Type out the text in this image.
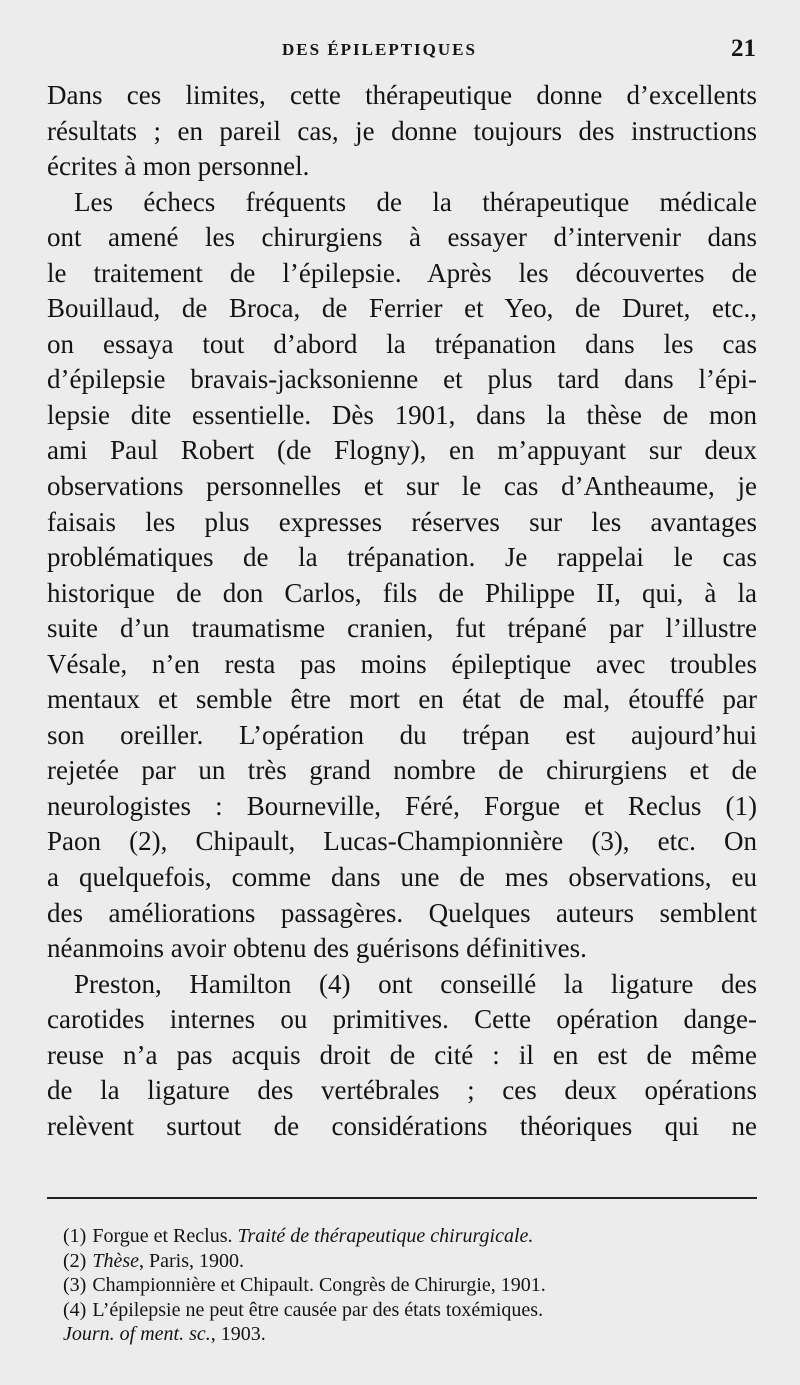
DES ÉPILEPTIQUES	21
Dans ces limites, cette thérapeutique donne d’excellents
résultats ; en pareil cas, je donne toujours des instructions
écrites à mon personnel.
Les échecs fréquents de la thérapeutique médicale
ont amené les chirurgiens à essayer d’intervenir dans
le traitement de l’épilepsie. Après les découvertes de
Bouillaud, de Broca, de Ferrier et Yeo, de Duret, etc.,
on essaya tout d’abord la trépanation dans les cas
d’épilepsie bravais-jacksonienne et plus tard dans l’épi-
lepsie dite essentielle. Dès 1901, dans la thèse de mon
ami Paul Robert (de Flogny), en m’appuyant sur deux
observations personnelles et sur le cas d’Antheaume, je
faisais les plus expresses réserves sur les avantages
problématiques de la trépanation. Je rappelai le cas
historique de don Carlos, fils de Philippe II, qui, à la
suite d’un traumatisme cranien, fut trépané par l’illustre
Vésale, n’en resta pas moins épileptique avec troubles
mentaux et semble être mort en état de mal, étouffé par
son oreiller. L’opération du trépan est aujourd’hui
rejetée par un très grand nombre de chirurgiens et de
neurologistes : Bourneville, Féré, Forgue et Reclus (1)
Paon (2), Chipault, Lucas-Championnière (3), etc. On
a quelquefois, comme dans une de mes observations, eu
des améliorations passagères. Quelques auteurs semblent
néanmoins avoir obtenu des guérisons définitives.
Preston, Hamilton (4) ont conseillé la ligature des
carotides internes ou primitives. Cette opération dange-
reuse n’a pas acquis droit de cité : il en est de même
de la ligature des vertébrales ; ces deux opérations
relèvent surtout de considérations théoriques qui ne
(1) Forgue et Reclus. Traité de thérapeutique chirurgicale.
(2) Thèse, Paris, 1900.
(3) Championnière et Chipault. Congrès de Chirurgie, 1901.
(4) L’épilepsie ne peut être causée par des états toxémiques.
Journ. of ment. sc., 1903.
